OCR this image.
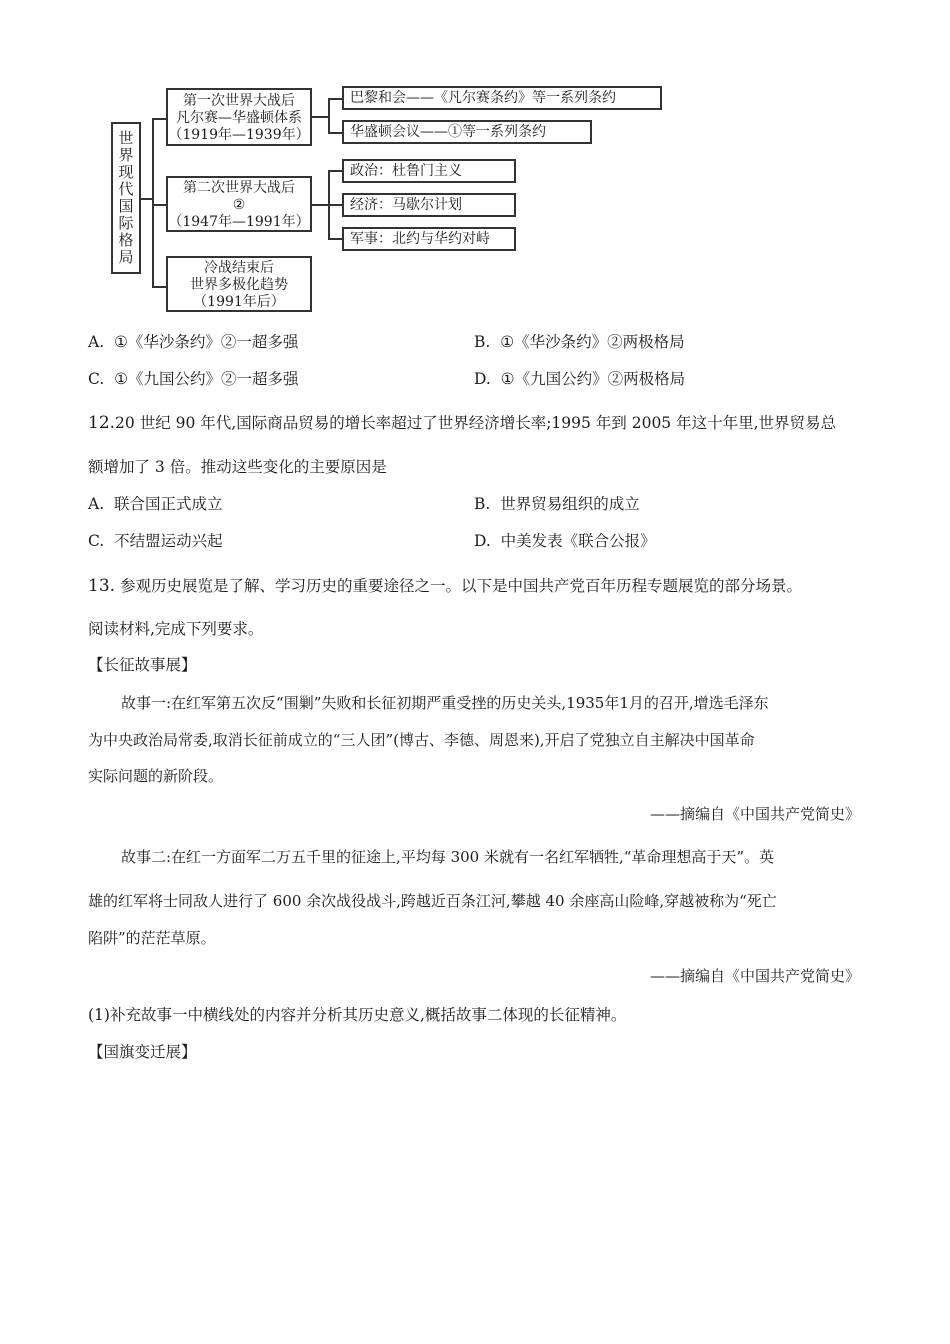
世
界
现
代
国
际
格
局
第一次世界大战后
凡尔赛—华盛顿体系
（1919年—1939年）
巴黎和会——《凡尔赛条约》等一系列条约
华盛顿会议——①等一系列条约
第二次世界大战后
②
（1947年—1991年）
政治：杜鲁门主义
经济：马歇尔计划
军事：北约与华约对峙
冷战结束后
世界多极化趋势
（1991年后）
A. ①《华沙条约》②一超多强	B. ①《华沙条约》②两极格局
C. ①《九国公约》②一超多强	D. ①《九国公约》②两极格局
12.20 世纪 90 年代,国际商品贸易的增长率超过了世界经济增长率;1995 年到 2005 年这十年里,世界贸易总
额增加了 3 倍。推动这些变化的主要原因是
A. 联合国正式成立	B. 世界贸易组织的成立
C. 不结盟运动兴起	D. 中美发表《联合公报》
13. 参观历史展览是了解、学习历史的重要途径之一。以下是中国共产党百年历程专题展览的部分场景。
阅读材料,完成下列要求。
【长征故事展】
故事一:在红军第五次反“围剿”失败和长征初期严重受挫的历史关头,1935年1月的召开,增选毛泽东
为中央政治局常委,取消长征前成立的“三人团”(博古、李德、周恩来),开启了党独立自主解决中国革命
实际问题的新阶段。
——摘编自《中国共产党简史》
故事二:在红一方面军二万五千里的征途上,平均每 300 米就有一名红军牺牲,“革命理想高于天”。英
雄的红军将士同敌人进行了 600 余次战役战斗,跨越近百条江河,攀越 40 余座高山险峰,穿越被称为“死亡
陷阱”的茫茫草原。
——摘编自《中国共产党简史》
(1)补充故事一中横线处的内容并分析其历史意义,概括故事二体现的长征精神。
【国旗变迁展】
